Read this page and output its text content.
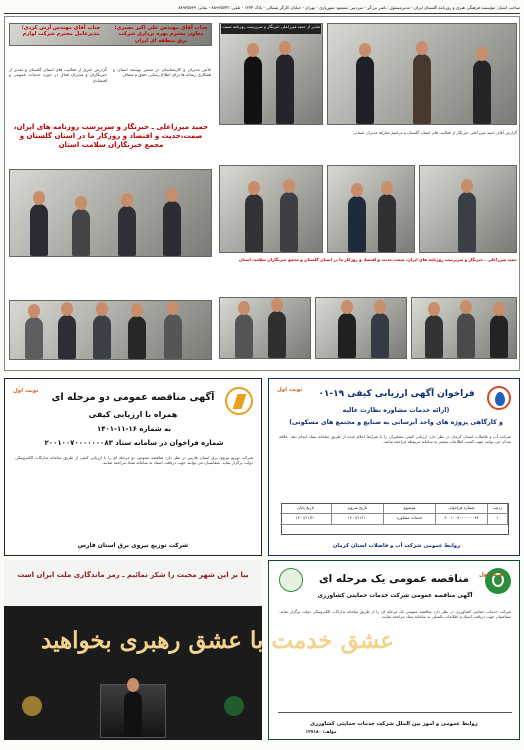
صاحب امتیاز: مؤسسه فرهنگی هنری و روزنامه گلستان ایران - مدیرمسئول: ناصر برزگر - سردبیر: مسعود شهریاری - تهران - خیابان کارگر شمالی - پلاک ۱۲۳۴ - تلفن: ۸۸۹۳۵۷۴۲ - نمابر: ۸۸۹۳۵۷۳۹
جناب آقای مهندس آرش کردی؛ مدیرعامل محترم شرکت لوازم
جناب آقای مهندس علی اکبر نصیری؛ معاون محترم بهره برداری شرکت برق منطقه ای ایران
گزارش خبری از فعالیت های استان گلستان و تقدیر از خبرنگاران و مدیران فعال در حوزه خدمات عمومی و اقتصادی
تلاش مدیران و کارشناسان در مسیر توسعه استان و همکاری رسانه ها برای اطلاع رسانی دقیق و شفاف
حمید میرزاعلی ـ خبرنگار و سرپرست روزنامه های ایران، صمت،حدیث و اقتصاد و روزکار ما در استان گلستان و مجمع خبرنگاران سلامت استان
تقدیر از حمید میرزاعلی خبرنگار و سرپرست روزنامه صمت
گزارش آقای حمید میرزاعلی خبرنگار از فعالیت های استان گلستان و مراسم معارفه مدیران استانی
حمید میرزاعلی ـ خبرنگار و سرپرست روزنامه های ایران، صمت،حدیث و اقتصاد و روزکار ما در استان گلستان و مجمع خبرنگاران سلامت استان
نوبت اول
آگهی مناقصه عمومی دو مرحله ای
همراه با ارزیابی کیفی
به شماره ۱۶-۱۱-۱۴۰۱
شماره فراخوان در سامانه ستاد ۲۰۰۱۰۰۷۰۰۰۰۰۰۰۸۳
شرکت توزیع نیروی برق استان فارس در نظر دارد مناقصه عمومی دو مرحله ای را با ارزیابی کیفی از طریق سامانه تدارکات الکترونیکی دولت برگزار نماید. متقاضیان می توانند جهت دریافت اسناد به سامانه ستاد مراجعه نمایند.
شرکت توزیع نیروی برق استان فارس
نوبت اول	فراخوان آگهی ارزیابی کیفی ۱۹-۰۱
(ارائه خدمات مشاوره نظارت عالیه
و کارگاهی پروژه های واحد آبرسانی به صنایع و مجتمع های مسکونی)
شرکت آب و فاضلاب استان کرمان در نظر دارد ارزیابی کیفی مشاوران را با شرایط اعلام شده از طریق سامانه ستاد انجام دهد. علاقه مندان می توانند جهت کسب اطلاعات بیشتر به سامانه مربوطه مراجعه نمایند.
ردیف
شماره فراخوان
موضوع
تاریخ شروع
تاریخ پایان
۱
۲۰۰۱۰۰۷۰۰۰۰۰۰۰۸۳
خدمات مشاوره
۱۴۰۱/۱۱/۱۰
۱۴۰۱/۱۱/۲۰
روابط عمومی شرکت آب و فاضلاب استان کرمان
نوبت اول
مناقصه عمومی یک مرحله ای
آگهی مناقصه عمومی شرکت خدمات حمایتی کشاورزی
شرکت خدمات حمایتی کشاورزی در نظر دارد مناقصه عمومی یک مرحله ای را از طریق سامانه تدارکات الکترونیکی دولت برگزار نماید. متقاضیان جهت دریافت اسناد و اطلاعات تکمیلی به سامانه ستاد مراجعه نمایند.
روابط عمومی و امور بین الملل شرکت خدمات حمایتی کشاورزی
مؤلف: ۱۳۷۱۸۰
بیا بر این شهر محبت را شکر نمائیم ـ رمز ماندگاری ملت ایران است
عشق خدمت با عشق رهبری بخواهید
